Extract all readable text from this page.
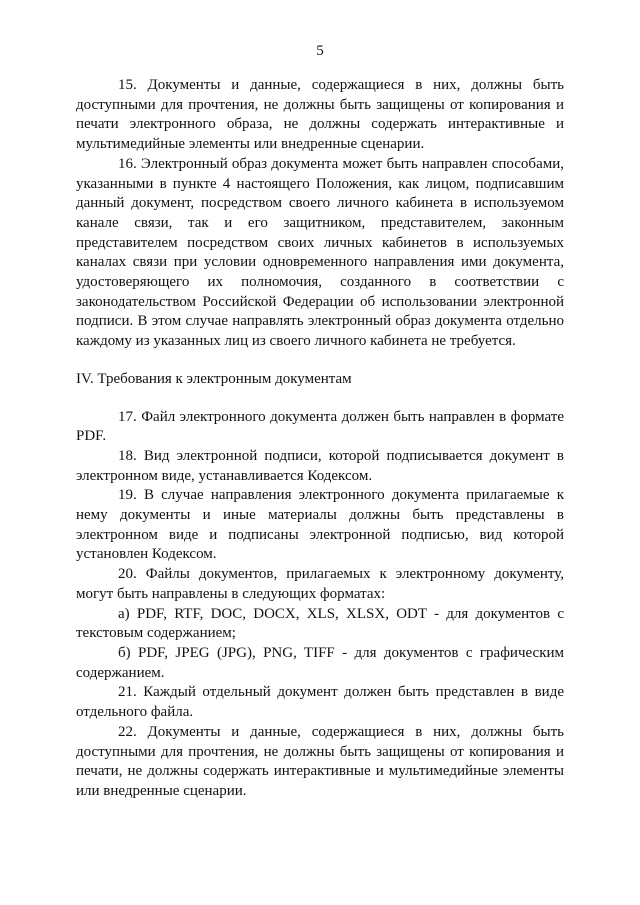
5

15. Документы и данные, содержащиеся в них, должны быть доступными для прочтения, не должны быть защищены от копирования и печати электронного образа, не должны содержать интерактивные и мультимедийные элементы или внедренные сценарии.

16. Электронный образ документа может быть направлен способами, указанными в пункте 4 настоящего Положения, как лицом, подписавшим данный документ, посредством своего личного кабинета в используемом канале связи, так и его защитником, представителем, законным представителем посредством своих личных кабинетов в используемых каналах связи при условии одновременного направления ими документа, удостоверяющего их полномочия, созданного в соответствии с законодательством Российской Федерации об использовании электронной подписи. В этом случае направлять электронный образ документа отдельно каждому из указанных лиц из своего личного кабинета не требуется.

IV. Требования к электронным документам

17. Файл электронного документа должен быть направлен в формате PDF.

18. Вид электронной подписи, которой подписывается документ в электронном виде, устанавливается Кодексом.

19. В случае направления электронного документа прилагаемые к нему документы и иные материалы должны быть представлены в электронном виде и подписаны электронной подписью, вид которой установлен Кодексом.

20. Файлы документов, прилагаемых к электронному документу, могут быть направлены в следующих форматах:

а) PDF, RTF, DOC, DOCX, XLS, XLSX, ODT - для документов с текстовым содержанием;

б) PDF, JPEG (JPG), PNG, TIFF - для документов с графическим содержанием.

21. Каждый отдельный документ должен быть представлен в виде отдельного файла.

22. Документы и данные, содержащиеся в них, должны быть доступными для прочтения, не должны быть защищены от копирования и печати, не должны содержать интерактивные и мультимедийные элементы или внедренные сценарии.
